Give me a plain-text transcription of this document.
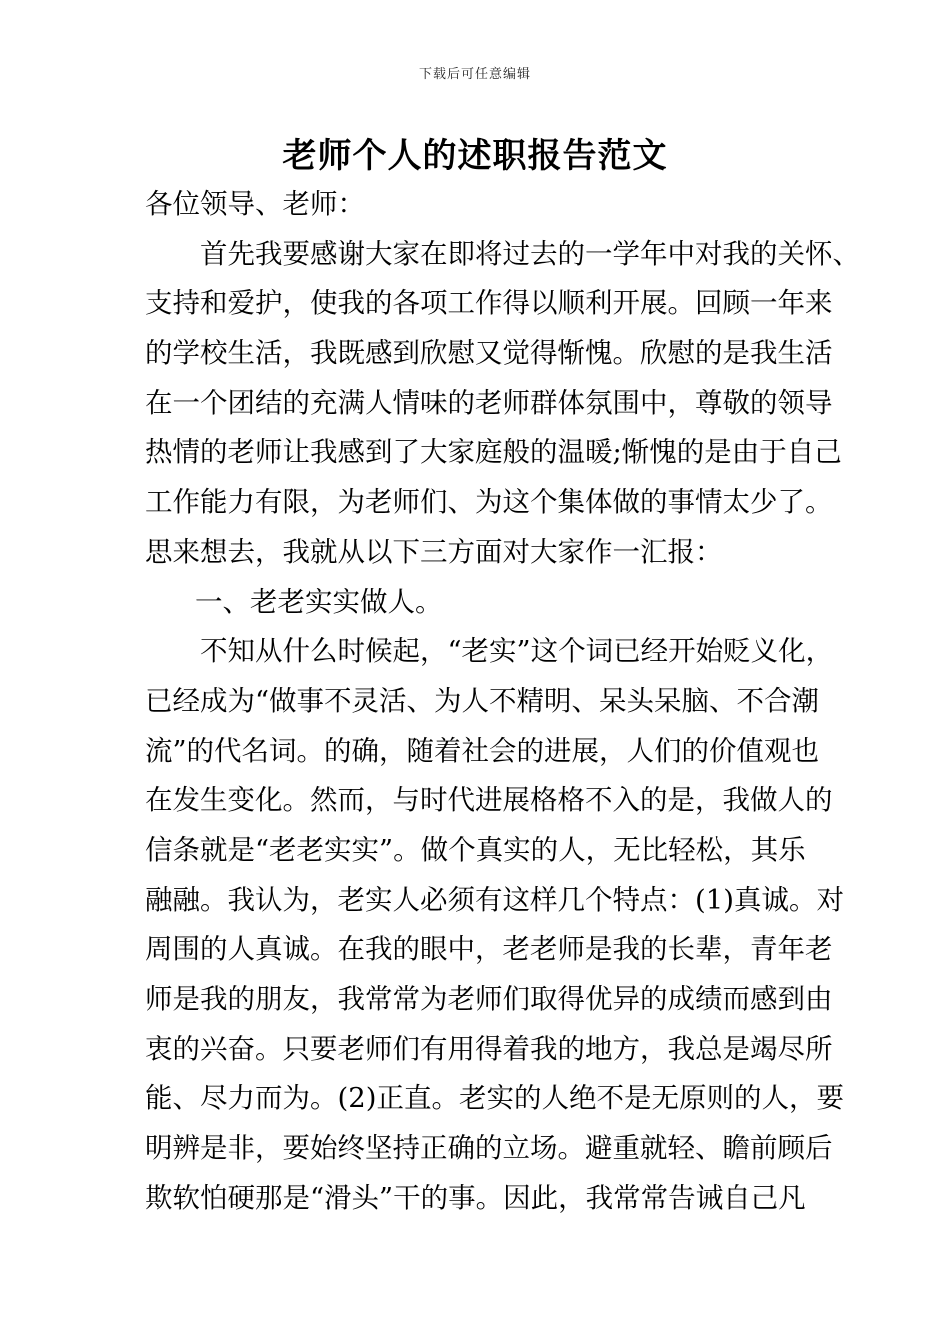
下载后可任意编辑
老师个人的述职报告范文
各位领导、老师：
首先我要感谢大家在即将过去的一学年中对我的关怀、
支持和爱护，使我的各项工作得以顺利开展。回顾一年来
的学校生活，我既感到欣慰又觉得惭愧。欣慰的是我生活
在一个团结的充满人情味的老师群体氛围中，尊敬的领导
热情的老师让我感到了大家庭般的温暖;惭愧的是由于自己
工作能力有限，为老师们、为这个集体做的事情太少了。
思来想去，我就从以下三方面对大家作一汇报：
一、老老实实做人。
不知从什么时候起，“老实”这个词已经开始贬义化，
已经成为“做事不灵活、为人不精明、呆头呆脑、不合潮
流”的代名词。的确，随着社会的进展，人们的价值观也
在发生变化。然而，与时代进展格格不入的是，我做人的
信条就是“老老实实”。做个真实的人，无比轻松，其乐
融融。我认为，老实人必须有这样几个特点：(1)真诚。对
周围的人真诚。在我的眼中，老老师是我的长辈，青年老
师是我的朋友，我常常为老师们取得优异的成绩而感到由
衷的兴奋。只要老师们有用得着我的地方，我总是竭尽所
能、尽力而为。(2)正直。老实的人绝不是无原则的人，要
明辨是非，要始终坚持正确的立场。避重就轻、瞻前顾后
欺软怕硬那是“滑头”干的事。因此，我常常告诫自己凡
